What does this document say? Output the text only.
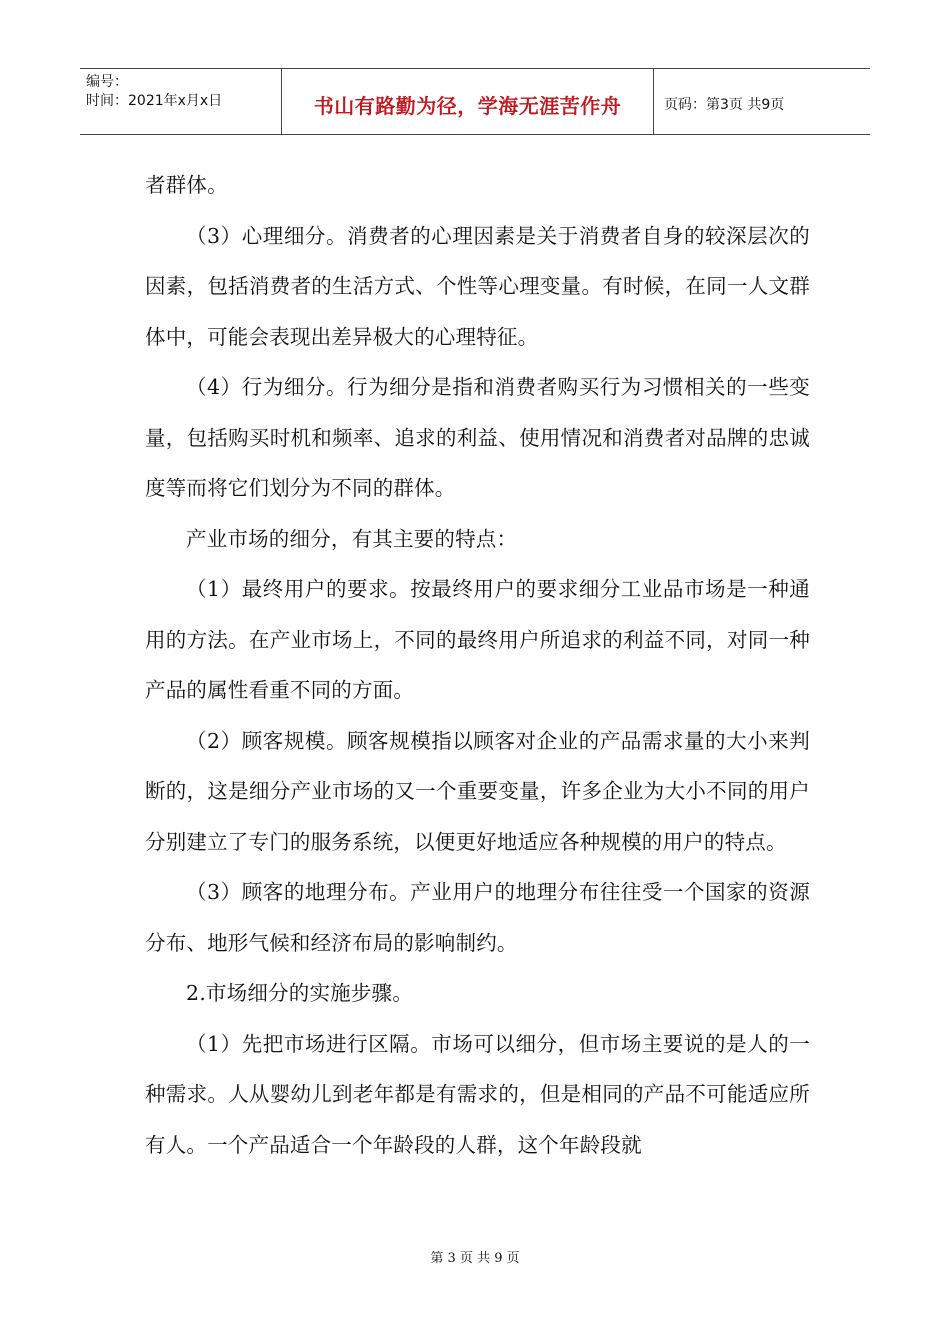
编号：
时间：2021年x月x日	书山有路勤为径，学海无涯苦作舟	页码：第3页 共9页

者群体。

（3）心理细分。消费者的心理因素是关于消费者自身的较深层次的因素，包括消费者的生活方式、个性等心理变量。有时候，在同一人文群体中，可能会表现出差异极大的心理特征。

（4）行为细分。行为细分是指和消费者购买行为习惯相关的一些变量，包括购买时机和频率、追求的利益、使用情况和消费者对品牌的忠诚度等而将它们划分为不同的群体。

产业市场的细分，有其主要的特点：

（1）最终用户的要求。按最终用户的要求细分工业品市场是一种通用的方法。在产业市场上，不同的最终用户所追求的利益不同，对同一种产品的属性看重不同的方面。

（2）顾客规模。顾客规模指以顾客对企业的产品需求量的大小来判断的，这是细分产业市场的又一个重要变量，许多企业为大小不同的用户分别建立了专门的服务系统，以便更好地适应各种规模的用户的特点。

（3）顾客的地理分布。产业用户的地理分布往往受一个国家的资源分布、地形气候和经济布局的影响制约。

2.市场细分的实施步骤。

（1）先把市场进行区隔。市场可以细分，但市场主要说的是人的一种需求。人从婴幼儿到老年都是有需求的，但是相同的产品不可能适应所有人。一个产品适合一个年龄段的人群，这个年龄段就

第 3 页 共 9 页
